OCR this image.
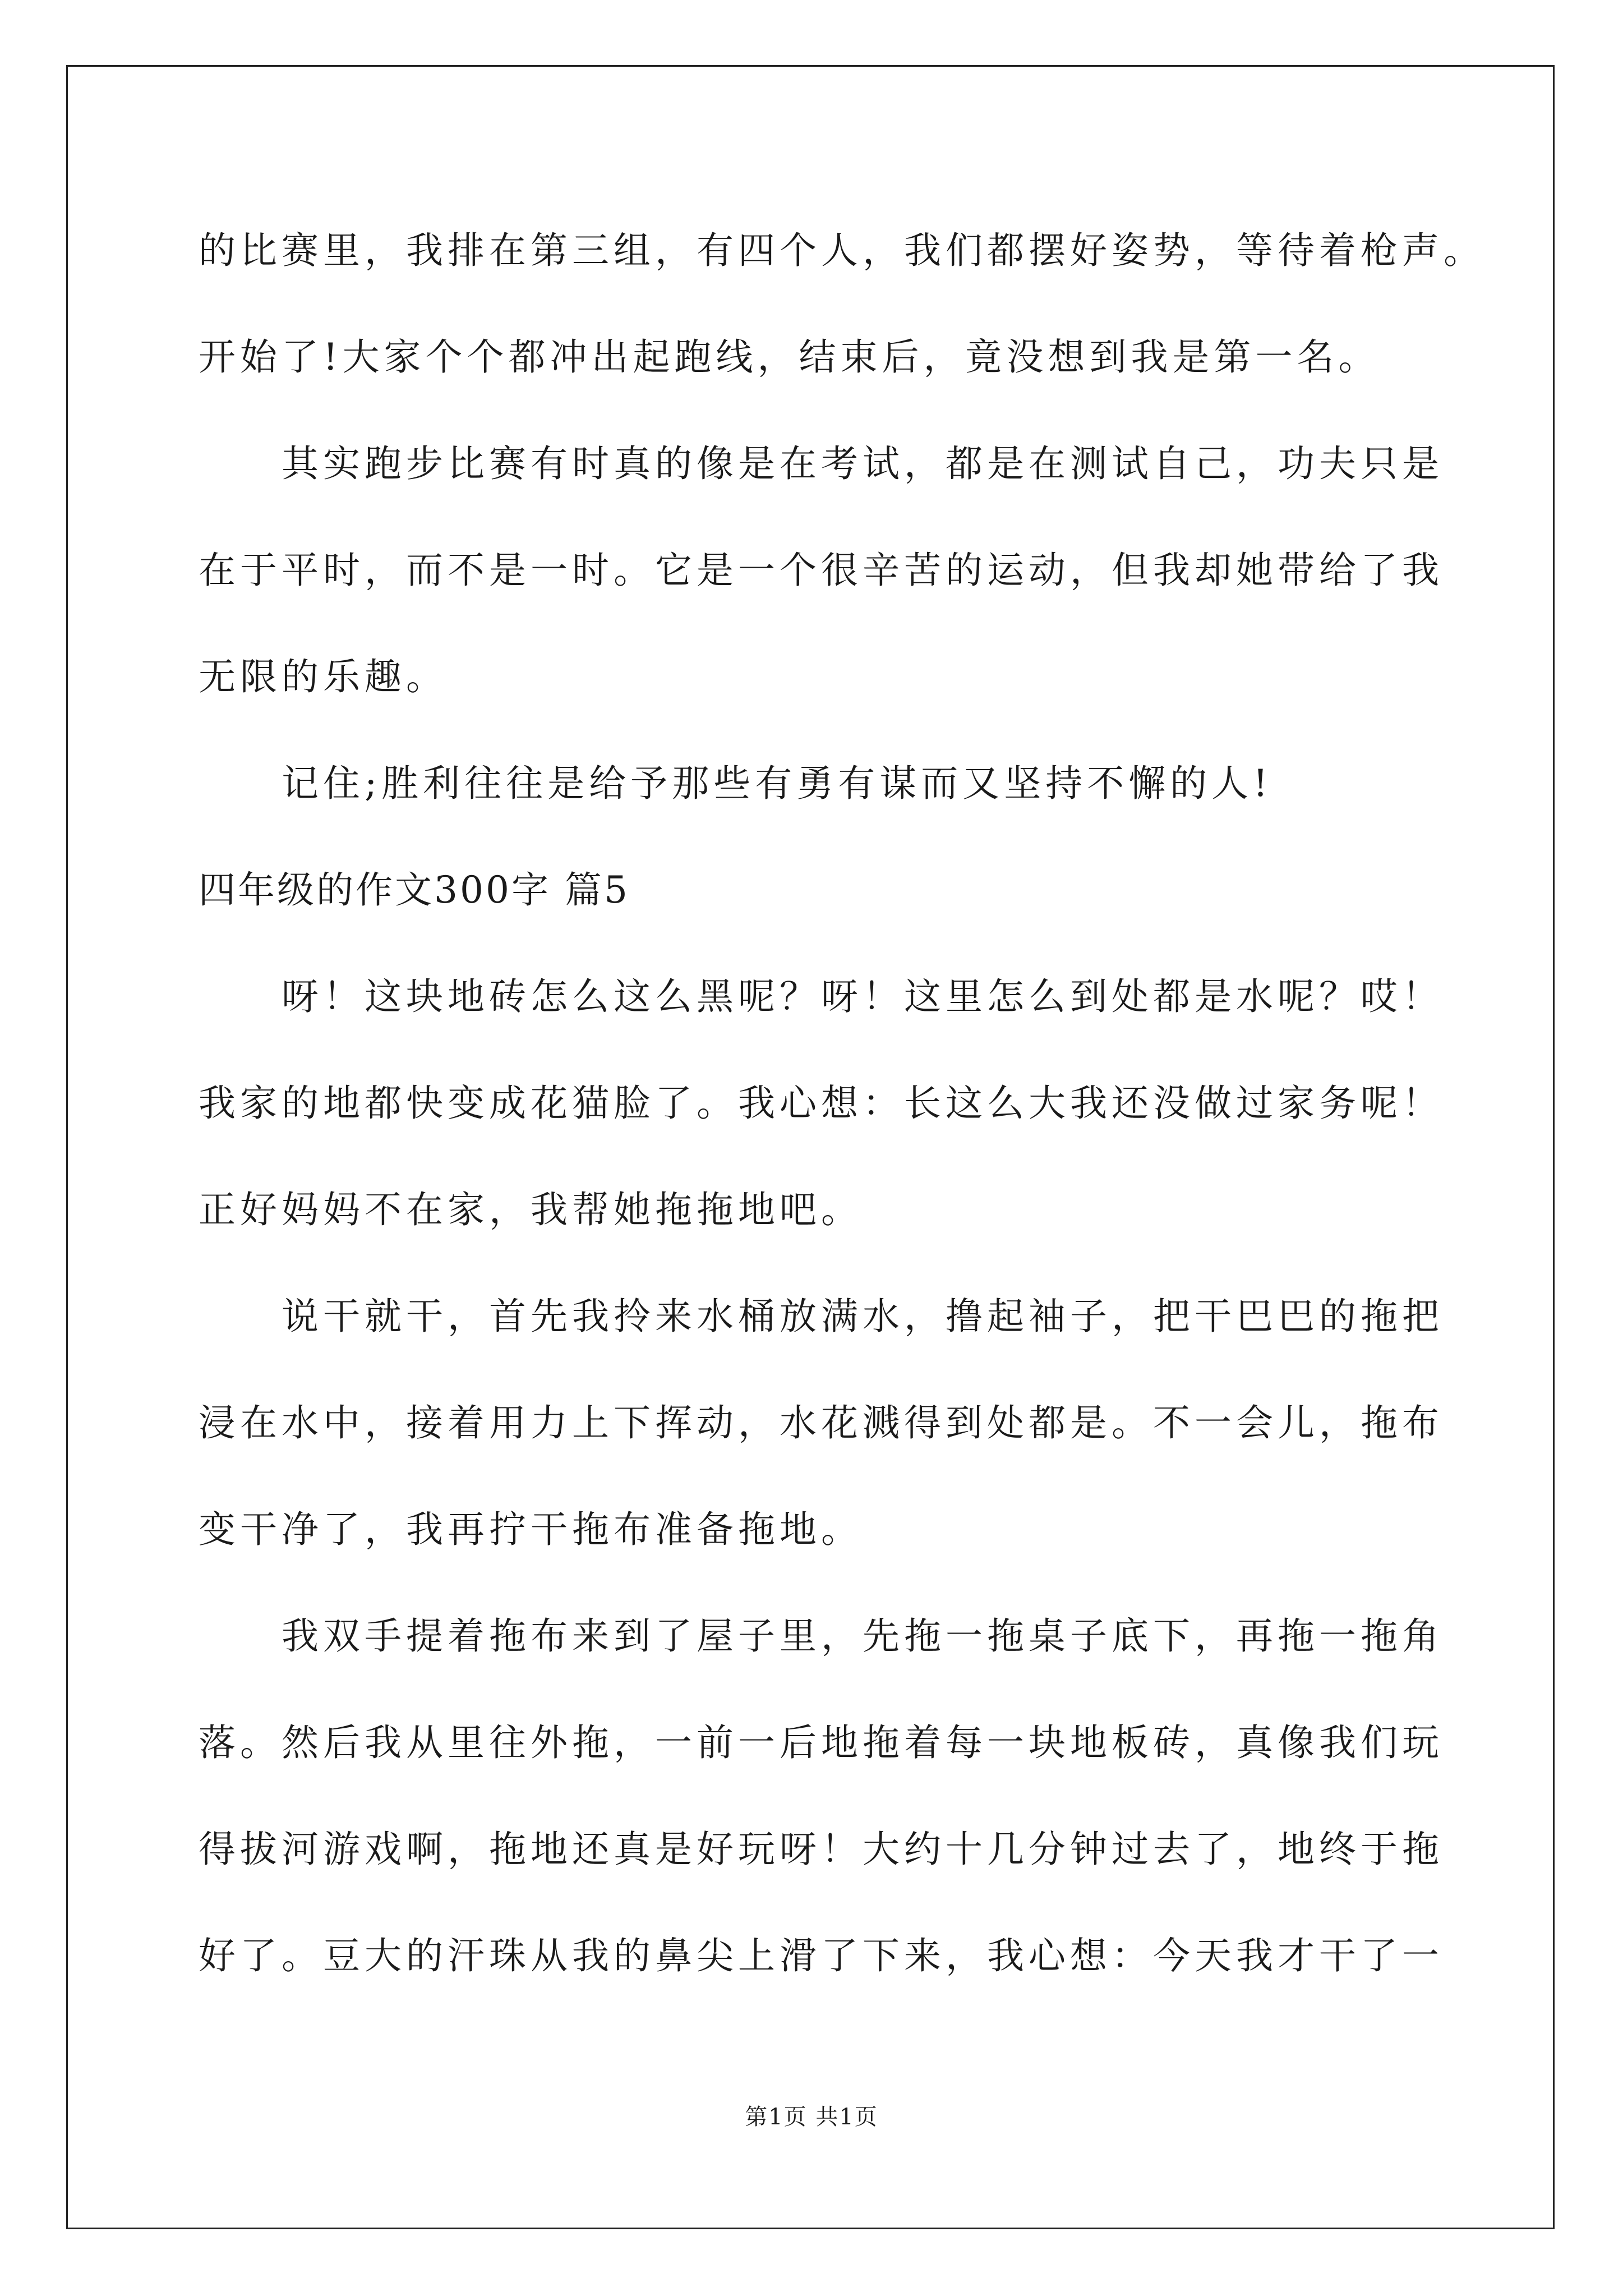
的比赛里，我排在第三组，有四个人，我们都摆好姿势，等待着枪声。

开始了!大家个个都冲出起跑线，结束后，竟没想到我是第一名。

其实跑步比赛有时真的像是在考试，都是在测试自己，功夫只是

在于平时，而不是一时。它是一个很辛苦的运动，但我却她带给了我

无限的乐趣。

记住;胜利往往是给予那些有勇有谋而又坚持不懈的人!

四年级的作文300字 篇5

呀！这块地砖怎么这么黑呢？呀！这里怎么到处都是水呢？哎！

我家的地都快变成花猫脸了。我心想：长这么大我还没做过家务呢！

正好妈妈不在家，我帮她拖拖地吧。

说干就干，首先我拎来水桶放满水，撸起袖子，把干巴巴的拖把

浸在水中，接着用力上下挥动，水花溅得到处都是。不一会儿，拖布

变干净了，我再拧干拖布准备拖地。

我双手提着拖布来到了屋子里，先拖一拖桌子底下，再拖一拖角

落。然后我从里往外拖，一前一后地拖着每一块地板砖，真像我们玩

得拔河游戏啊，拖地还真是好玩呀！大约十几分钟过去了，地终于拖

好了。豆大的汗珠从我的鼻尖上滑了下来，我心想：今天我才干了一

第1页 共1页
